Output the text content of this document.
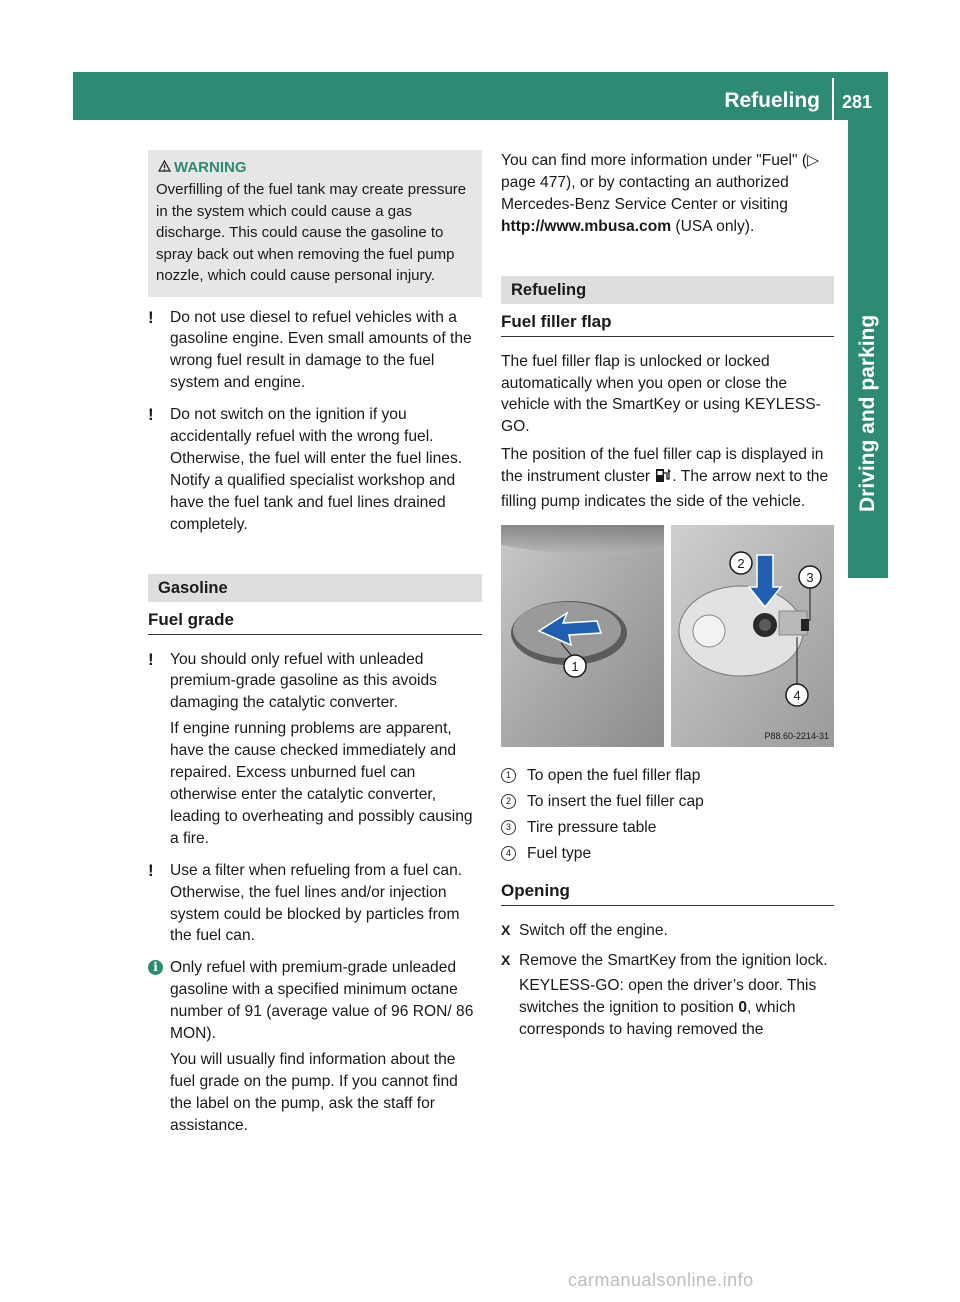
Refueling 281
Driving and parking
WARNING
Overfilling of the fuel tank may create pressure in the system which could cause a gas discharge. This could cause the gasoline to spray back out when removing the fuel pump nozzle, which could cause personal injury.
!	Do not use diesel to refuel vehicles with a gasoline engine. Even small amounts of the wrong fuel result in damage to the fuel system and engine.

!	Do not switch on the ignition if you accidentally refuel with the wrong fuel. Otherwise, the fuel will enter the fuel lines. Notify a qualified specialist workshop and have the fuel tank and fuel lines drained completely.

Gasoline
Fuel grade
!	You should only refuel with unleaded premium-grade gasoline as this avoids damaging the catalytic converter.

If engine running problems are apparent, have the cause checked immediately and repaired. Excess unburned fuel can otherwise enter the catalytic converter, leading to overheating and possibly causing a fire.

!	Use a filter when refueling from a fuel can. Otherwise, the fuel lines and/or injection system could be blocked by particles from the fuel can.

i Only refuel with premium-grade unleaded gasoline with a specified minimum octane number of 91 (average value of 96 RON/ 86 MON).

You will usually find information about the fuel grade on the pump. If you cannot find the label on the pump, ask the staff for assistance.

You can find more information under "Fuel" (▷ page 477), or by contacting an authorized Mercedes-Benz Service Center or visiting http://www.mbusa.com (USA only).

Refueling
Fuel filler flap

The fuel filler flap is unlocked or locked automatically when you open or close the vehicle with the SmartKey or using KEYLESS-GO.

The position of the fuel filler cap is displayed in the instrument cluster . The arrow next to the filling pump indicates the side of the vehicle.

1
2
3
4
P88.60-2214-31
1	To open the fuel filler flap
2	To insert the fuel filler cap
3	Tire pressure table
4	Fuel type
Opening
X Switch off the engine.

X Remove the SmartKey from the ignition lock.

KEYLESS-GO: open the driver’s door. This switches the ignition to position 0, which corresponds to having removed the

carmanualsonline.info
